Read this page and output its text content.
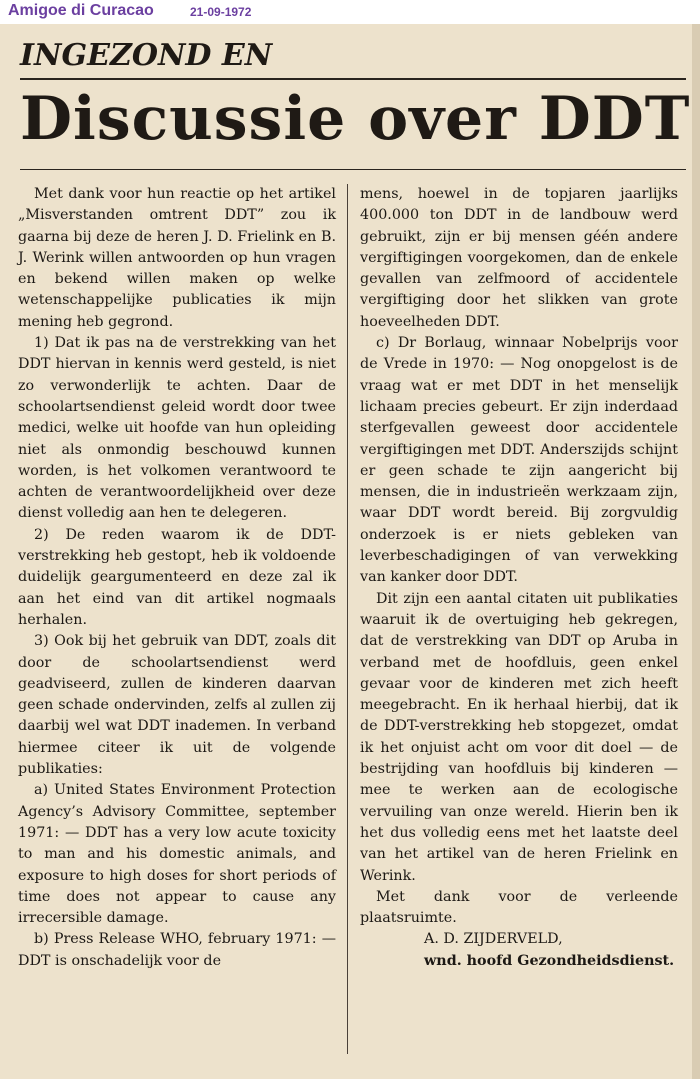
Amigoe di Curacao	21-09-1972
INGEZOND EN
Discussie over DDT

Met dank voor hun reactie op het artikel „Misverstanden omtrent DDT” zou ik gaarna bij deze de heren J. D. Frielink en B. J. Werink willen antwoorden op hun vragen en bekend willen maken op welke wetenschappelijke publicaties ik mijn mening heb gegrond.

1) Dat ik pas na de verstrekking van het DDT hiervan in kennis werd gesteld, is niet zo verwonderlijk te achten. Daar de schoolartsendienst geleid wordt door twee medici, welke uit hoofde van hun opleiding niet als onmondig beschouwd kunnen worden, is het volkomen verantwoord te achten de verantwoordelijkheid over deze dienst volledig aan hen te delegeren.

2) De reden waarom ik de DDT-verstrekking heb gestopt, heb ik voldoende duidelijk geargumenteerd en deze zal ik aan het eind van dit artikel nogmaals herhalen.

3) Ook bij het gebruik van DDT, zoals dit door de schoolartsendienst werd geadviseerd, zullen de kinderen daarvan geen schade ondervinden, zelfs al zullen zij daarbij wel wat DDT inademen. In verband hiermee citeer ik uit de volgende publikaties:

a) United States Environment Protection Agency’s Advisory Committee, september 1971: — DDT has a very low acute toxicity to man and his domestic animals, and exposure to high doses for short periods of time does not appear to cause any irrecersible damage.

b) Press Release WHO, february 1971: — DDT is onschadelijk voor de

mens, hoewel in de topjaren jaarlijks 400.000 ton DDT in de landbouw werd gebruikt, zijn er bij mensen géén andere vergiftigingen voorgekomen, dan de enkele gevallen van zelfmoord of accidentele vergiftiging door het slikken van grote hoeveelheden DDT.

c) Dr Borlaug, winnaar Nobelprijs voor de Vrede in 1970: — Nog onopgelost is de vraag wat er met DDT in het menselijk lichaam precies gebeurt. Er zijn inderdaad sterfgevallen geweest door accidentele vergiftigingen met DDT. Anderszijds schijnt er geen schade te zijn aangericht bij mensen, die in industrieën werkzaam zijn, waar DDT wordt bereid. Bij zorgvuldig onderzoek is er niets gebleken van leverbeschadigingen of van verwekking van kanker door DDT.

Dit zijn een aantal citaten uit publikaties waaruit ik de overtuiging heb gekregen, dat de verstrekking van DDT op Aruba in verband met de hoofdluis, geen enkel gevaar voor de kinderen met zich heeft meegebracht. En ik herhaal hierbij, dat ik de DDT-verstrekking heb stopgezet, omdat ik het onjuist acht om voor dit doel — de bestrijding van hoofdluis bij kinderen — mee te werken aan de ecologische vervuiling van onze wereld. Hierin ben ik het dus volledig eens met het laatste deel van het artikel van de heren Frielink en Werink.

Met dank voor de verleende plaatsruimte.

A. D. ZIJDERVELD,

wnd. hoofd Gezondheidsdienst.
